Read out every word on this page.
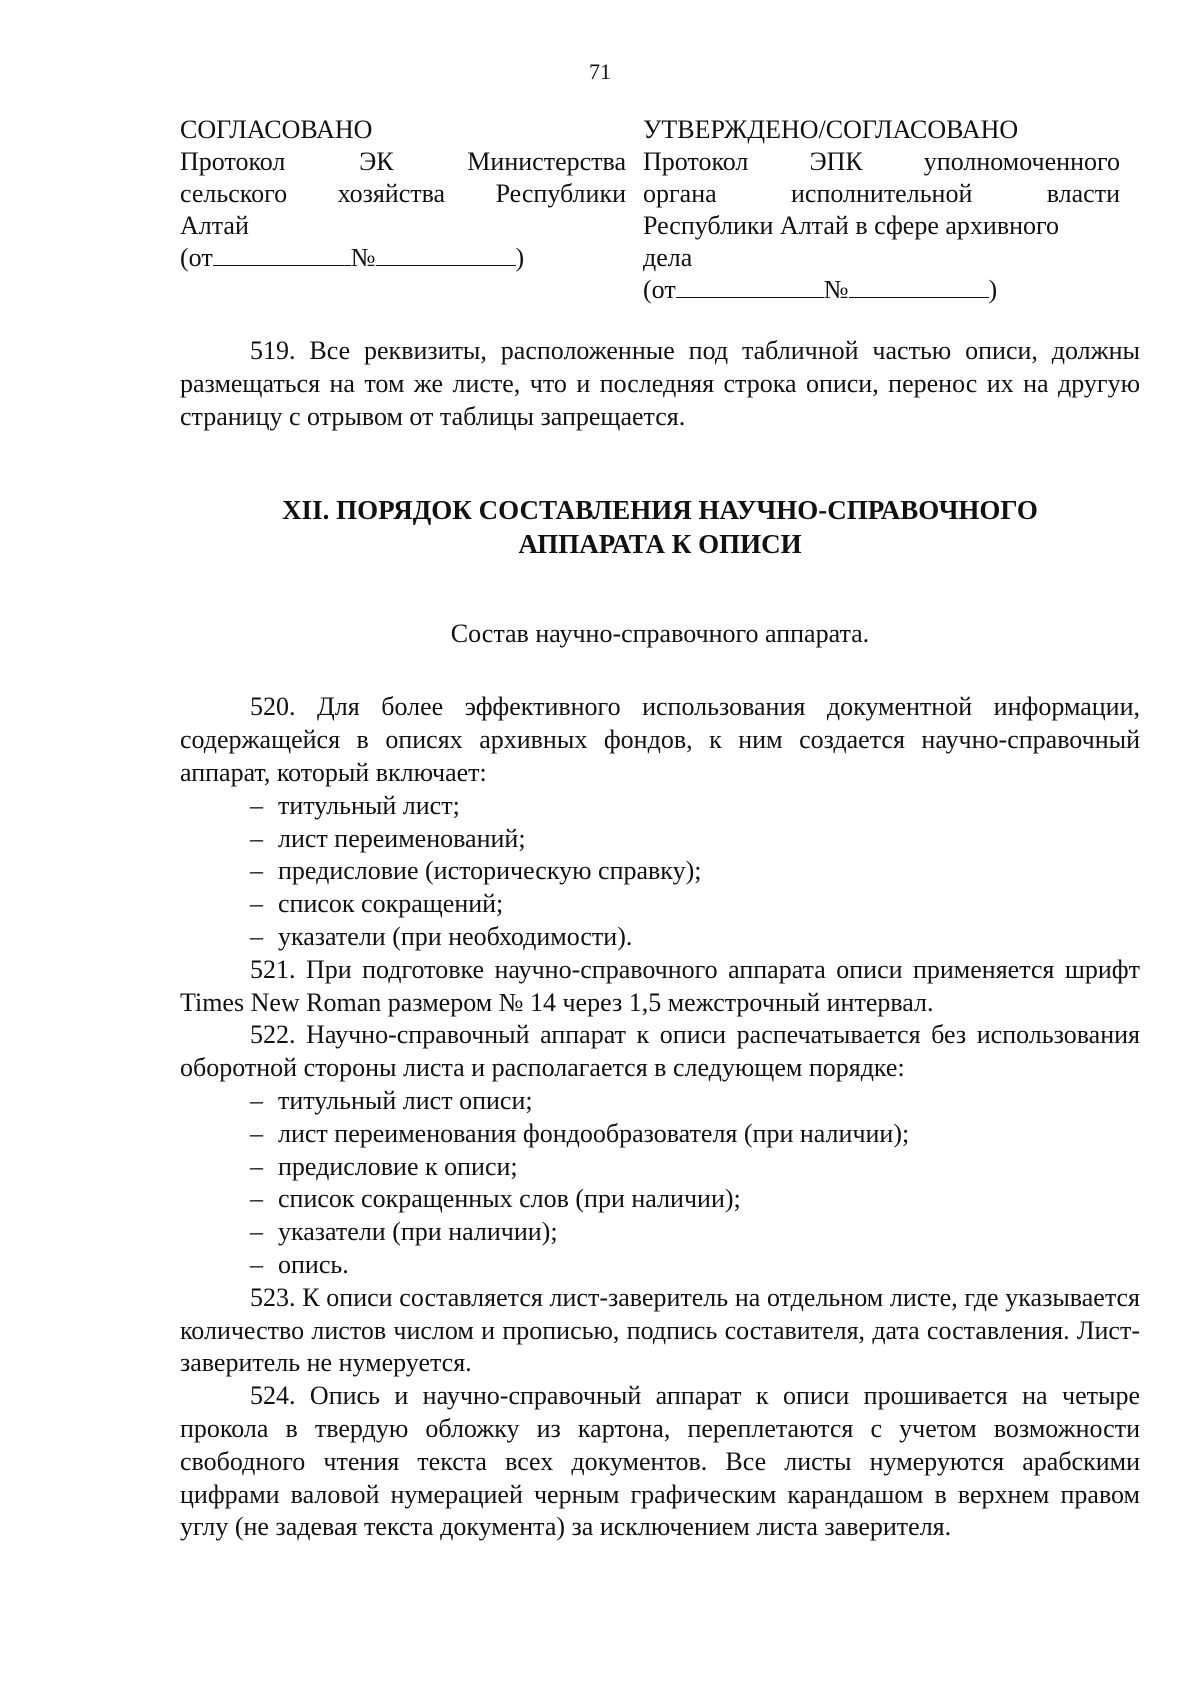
71
СОГЛАСОВАНО
Протокол ЭК Министерства
сельского хозяйства Республики
Алтай
(от	№	)
УТВЕРЖДЕНО/СОГЛАСОВАНО
Протокол ЭПК уполномоченного
органа исполнительной власти
Республики Алтай в сфере архивного
дела
(от	№	)

519. Все реквизиты, расположенные под табличной частью описи, должны размещаться на том же листе, что и последняя строка описи, перенос их на другую страницу с отрывом от таблицы запрещается.

XII. ПОРЯДОК СОСТАВЛЕНИЯ НАУЧНО-СПРАВОЧНОГО
АППАРАТА К ОПИСИ
Состав научно-справочного аппарата.

520. Для более эффективного использования документной информации, содержащейся в описях архивных фондов, к ним создается научно-справочный аппарат, который включает:

– титульный лист;

– лист переименований;

– предисловие (историческую справку);

– список сокращений;

– указатели (при необходимости).

521. При подготовке научно-справочного аппарата описи применяется шрифт Times New Roman размером № 14 через 1,5 межстрочный интервал.

522. Научно-справочный аппарат к описи распечатывается без использования оборотной стороны листа и располагается в следующем порядке:

– титульный лист описи;

– лист переименования фондообразователя (при наличии);

– предисловие к описи;

– список сокращенных слов (при наличии);

– указатели (при наличии);

– опись.

523. К описи составляется лист-заверитель на отдельном листе, где указывается количество листов числом и прописью, подпись составителя, дата составления. Лист-заверитель не нумеруется.

524. Опись и научно-справочный аппарат к описи прошивается на четыре прокола в твердую обложку из картона, переплетаются с учетом возможности свободного чтения текста всех документов. Все листы нумеруются арабскими цифрами валовой нумерацией черным графическим карандашом в верхнем правом углу (не задевая текста документа) за исключением листа заверителя.
